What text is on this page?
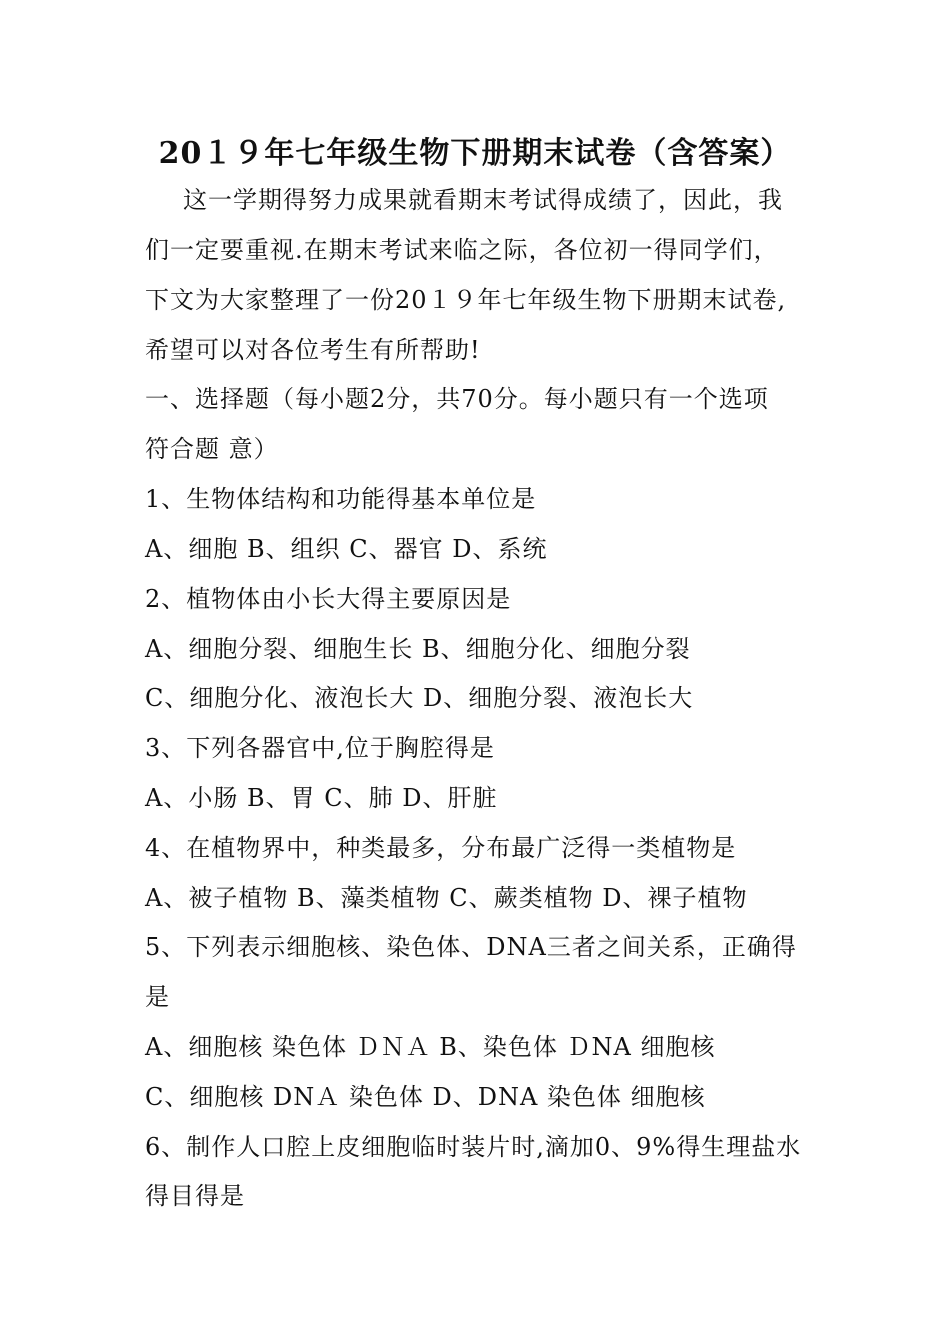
20１９年七年级生物下册期末试卷（含答案）
这一学期得努力成果就看期末考试得成绩了，因此，我
们一定要重视.在期末考试来临之际，各位初一得同学们，
下文为大家整理了一份20１９年七年级生物下册期末试卷,
希望可以对各位考生有所帮助!
一、选择题（每小题2分，共70分。每小题只有一个选项
符合题 意）
1、生物体结构和功能得基本单位是
A、细胞 B、组织 C、器官 D、系统
2、植物体由小长大得主要原因是
A、细胞分裂、细胞生长 B、细胞分化、细胞分裂
C、细胞分化、液泡长大 D、细胞分裂、液泡长大
3、下列各器官中,位于胸腔得是
A、小肠 B、胃 C、肺 D、肝脏
4、在植物界中，种类最多，分布最广泛得一类植物是
A、被子植物 B、藻类植物 C、蕨类植物 D、裸子植物
5、下列表示细胞核、染色体、DNA三者之间关系，正确得
是
A、细胞核 染色体 ＤＮＡ B、染色体 ＤNA 细胞核
C、细胞核 DNＡ 染色体 D、DNA 染色体 细胞核
6、制作人口腔上皮细胞临时装片时,滴加0、9%得生理盐水
得目得是
